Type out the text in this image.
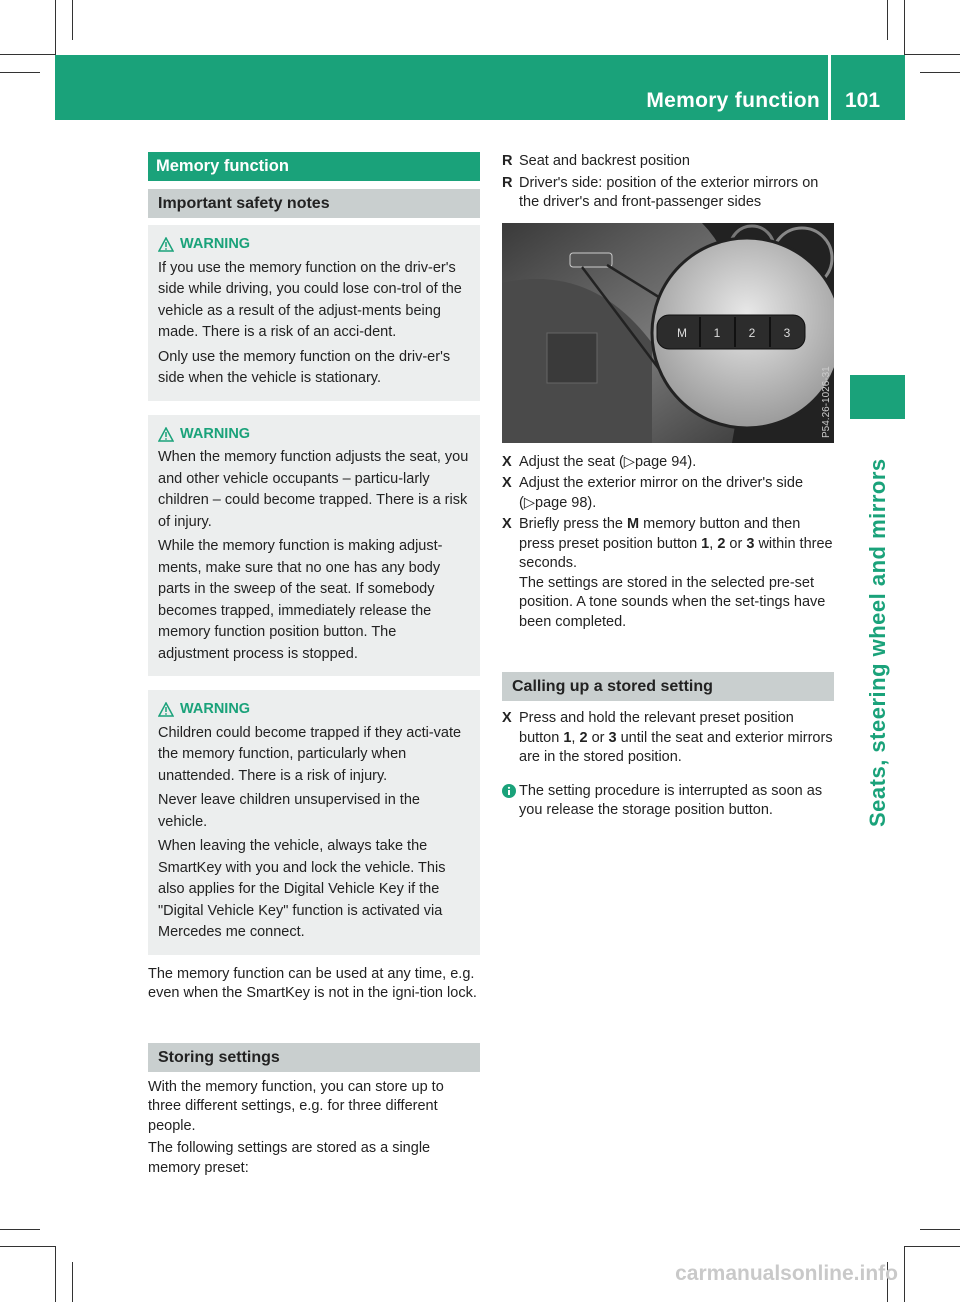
Memory function 101
Seats, steering wheel and mirrors
Memory function
Important safety notes
WARNING

If you use the memory function on the driv-er's side while driving, you could lose con-trol of the vehicle as a result of the adjust-ments being made. There is a risk of an acci-dent.

Only use the memory function on the driv-er's side when the vehicle is stationary.

WARNING

When the memory function adjusts the seat, you and other vehicle occupants – particu-larly children – could become trapped. There is a risk of injury.

While the memory function is making adjust-ments, make sure that no one has any body parts in the sweep of the seat. If somebody becomes trapped, immediately release the memory function position button. The adjustment process is stopped.

WARNING

Children could become trapped if they acti-vate the memory function, particularly when unattended. There is a risk of injury.

Never leave children unsupervised in the vehicle.

When leaving the vehicle, always take the SmartKey with you and lock the vehicle. This also applies for the Digital Vehicle Key if the "Digital Vehicle Key" function is activated via Mercedes me connect.

The memory function can be used at any time, e.g. even when the SmartKey is not in the igni-tion lock.

Storing settings

With the memory function, you can store up to three different settings, e.g. for three different people.

The following settings are stored as a single memory preset:

R Seat and backrest position
R Driver's side: position of the exterior mirrors on the driver's and front-passenger sides
M 1 2 3
P54.26-1026-31
X Adjust the seat (▷page 94).
X Adjust the exterior mirror on the driver's side (▷page 98).
X Briefly press the M memory button and then press preset position button 1, 2 or 3 within three seconds.
The settings are stored in the selected pre-set position. A tone sounds when the set-tings have been completed.
Calling up a stored setting
X Press and hold the relevant preset position button 1, 2 or 3 until the seat and exterior mirrors are in the stored position.
The setting procedure is interrupted as soon as you release the storage position button.
carmanualsonline.info
